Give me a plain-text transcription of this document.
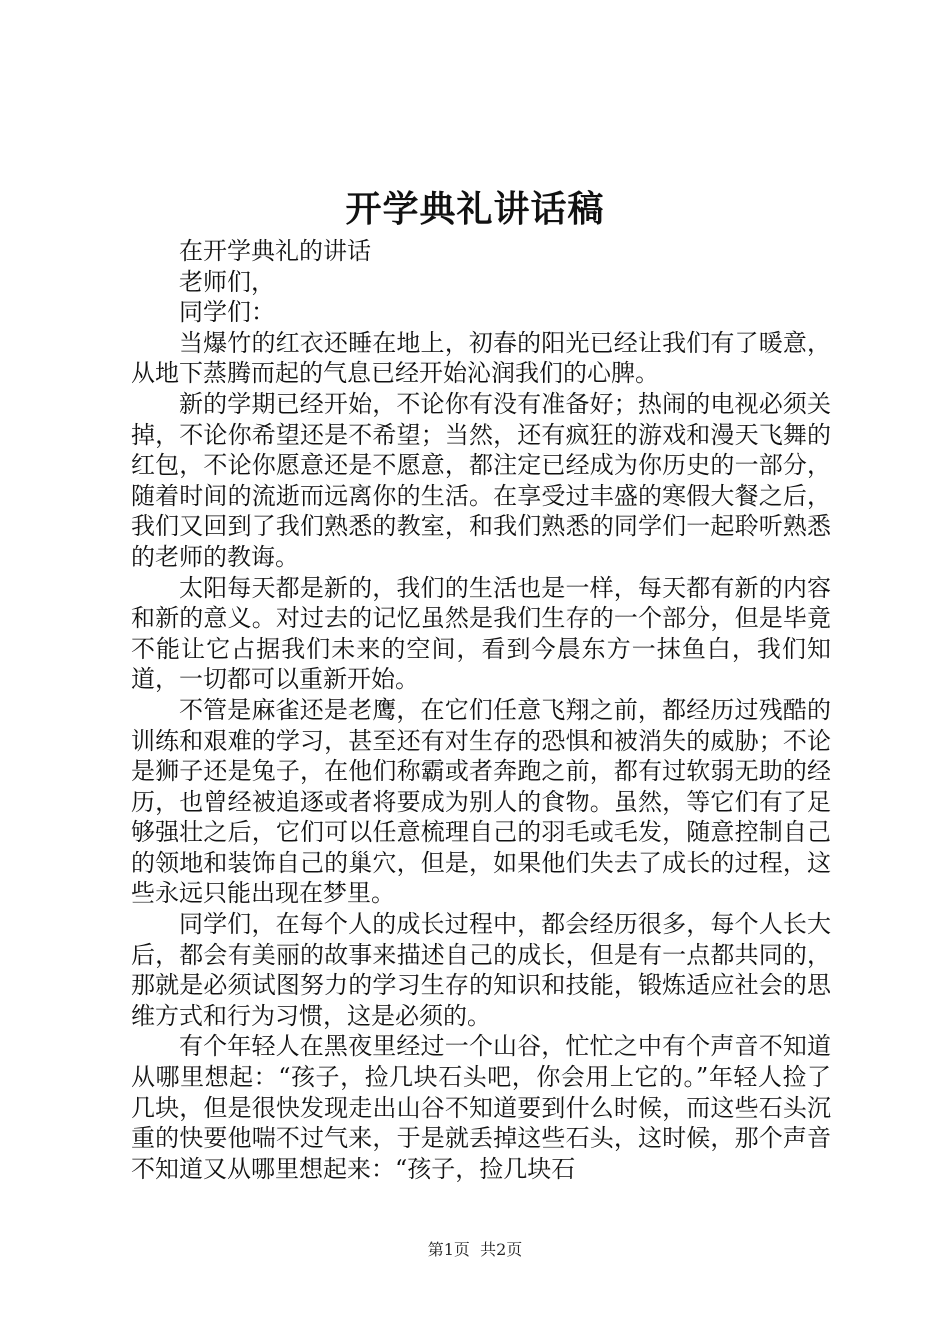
开学典礼讲话稿

在开学典礼的讲话

老师们，

同学们：

当爆竹的红衣还睡在地上，初春的阳光已经让我们有了暖意，从地下蒸腾而起的气息已经开始沁润我们的心脾。

新的学期已经开始，不论你有没有准备好；热闹的电视必须关掉，不论你希望还是不希望；当然，还有疯狂的游戏和漫天飞舞的红包，不论你愿意还是不愿意，都注定已经成为你历史的一部分，随着时间的流逝而远离你的生活。在享受过丰盛的寒假大餐之后，我们又回到了我们熟悉的教室，和我们熟悉的同学们一起聆听熟悉的老师的教诲。

太阳每天都是新的，我们的生活也是一样，每天都有新的内容和新的意义。对过去的记忆虽然是我们生存的一个部分，但是毕竟不能让它占据我们未来的空间，看到今晨东方一抹鱼白，我们知道，一切都可以重新开始。

不管是麻雀还是老鹰，在它们任意飞翔之前，都经历过残酷的训练和艰难的学习，甚至还有对生存的恐惧和被消失的威胁；不论是狮子还是兔子，在他们称霸或者奔跑之前，都有过软弱无助的经历，也曾经被追逐或者将要成为别人的食物。虽然，等它们有了足够强壮之后，它们可以任意梳理自己的羽毛或毛发，随意控制自己的领地和装饰自己的巢穴，但是，如果他们失去了成长的过程，这些永远只能出现在梦里。

同学们，在每个人的成长过程中，都会经历很多，每个人长大后，都会有美丽的故事来描述自己的成长，但是有一点都共同的，那就是必须试图努力的学习生存的知识和技能，锻炼适应社会的思维方式和行为习惯，这是必须的。

有个年轻人在黑夜里经过一个山谷，忙忙之中有个声音不知道从哪里想起：“孩子，捡几块石头吧，你会用上它的。”年轻人捡了几块，但是很快发现走出山谷不知道要到什么时候，而这些石头沉重的快要他喘不过气来，于是就丢掉这些石头，这时候，那个声音不知道又从哪里想起来：“孩子，捡几块石

第1页  共2页
